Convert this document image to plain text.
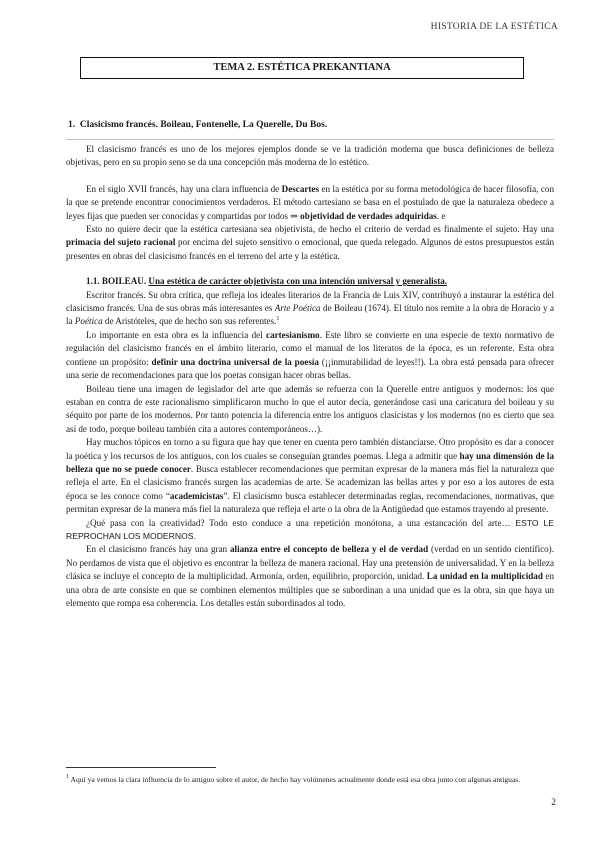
HISTORIA DE LA ESTÉTICA
TEMA 2. ESTÉTICA PREKANTIANA
1. Clasicismo francés. Boileau, Fontenelle, La Querelle, Du Bos.

El clasicismo francés es uno de los mejores ejemplos donde se ve la tradición moderna que busca definiciones de belleza objetivas, pero en su propio seno se da una concepción más moderna de lo estético.

En el siglo XVII francés, hay una clara influencia de Descartes en la estética por su forma metodológica de hacer filosofía, con la que se pretende encontrar conocimientos verdaderos. El método cartesiano se basa en el postulado de que la naturaleza obedece a leyes fijas que pueden ser conocidas y compartidas por todos ⇒ objetividad de verdades adquiridas. e

Esto no quiere decir que la estética cartesiana sea objetivista, de hecho el criterio de verdad es finalmente el sujeto. Hay una primacía del sujeto racional por encima del sujeto sensitivo o emocional, que queda relegado. Algunos de estos presupuestos están presentes en obras del clasicismo francés en el terreno del arte y la estética.

1.1. BOILEAU. Una estética de carácter objetivista con una intención universal y generalista.

Escritor francés. Su obra crítica, que refleja los ideales literarios de la Francia de Luis XIV, contribuyó a instaurar la estética del clasicismo francés. Una de sus obras más interesantes es Arte Poética de Boileau (1674). El título nos remite a la obra de Horacio y a la Poética de Aristóteles, que de hecho son sus referentes.$^1$

Lo importante en esta obra es la influencia del cartesianismo. Este libro se convierte en una especie de texto normativo de regulación del clasicismo francés en el ámbito literario, como el manual de los literatos de la época, es un referente. Esta obra contiene un propósito: definir una doctrina universal de la poesía (¡¡inmutabilidad de leyes!!). La obra está pensada para ofrecer una serie de recomendaciones para que los poetas consigan hacer obras bellas.

Boileau tiene una imagen de legislador del arte que además se refuerza con la Querelle entre antiguos y modernos: los que estaban en contra de este racionalismo simplificaron mucho lo que el autor decía, generándose casi una caricatura del boileau y su séquito por parte de los modernos. Por tanto potencia la diferencia entre los antiguos clasicistas y los modernos (no es cierto que sea así de todo, porque boileau también cita a autores contemporáneos…).

Hay muchos tópicos en torno a su figura que hay que tener en cuenta pero también distanciarse. Otro propósito es dar a conocer la poética y los recursos de los antiguos, con los cuales se conseguían grandes poemas. Llega a admitir que hay una dimensión de la belleza que no se puede conocer. Busca establecer recomendaciones que permitan expresar de la manera más fiel la naturaleza que refleja el arte. En el clasicismo francés surgen las academias de arte. Se academizan las bellas artes y por eso a los autores de esta época se les conoce como “academicistas”. El clasicismo busca establecer determinadas reglas, recomendaciones, normativas, que permitan expresar de la manera más fiel la naturaleza que refleja el arte o la obra de la Antigüedad que estamos trayendo al presente.

¿Qué pasa con la creatividad? Todo esto conduce a una repetición monótona, a una estancación del arte… ESTO LE REPROCHAN LOS MODERNOS.

En el clasicismo francés hay una gran alianza entre el concepto de belleza y el de verdad (verdad en un sentido científico). No perdamos de vista que el objetivo es encontrar la belleza de manera racional. Hay una pretensión de universalidad. Y en la belleza clásica se incluye el concepto de la multiplicidad. Armonía, orden, equilibrio, proporción, unidad. La unidad en la multiplicidad en una obra de arte consiste en que se combinen elementos múltiples que se subordinan a una unidad que es la obra, sin que haya un elemento que rompa esa coherencia. Los detalles están subordinados al todo.

$^1$ Aquí ya vemos la clara influencia de lo antiguo sobre el autor, de hecho hay volúmenes actualmente donde está esa obra junto con algunas antiguas.
2
